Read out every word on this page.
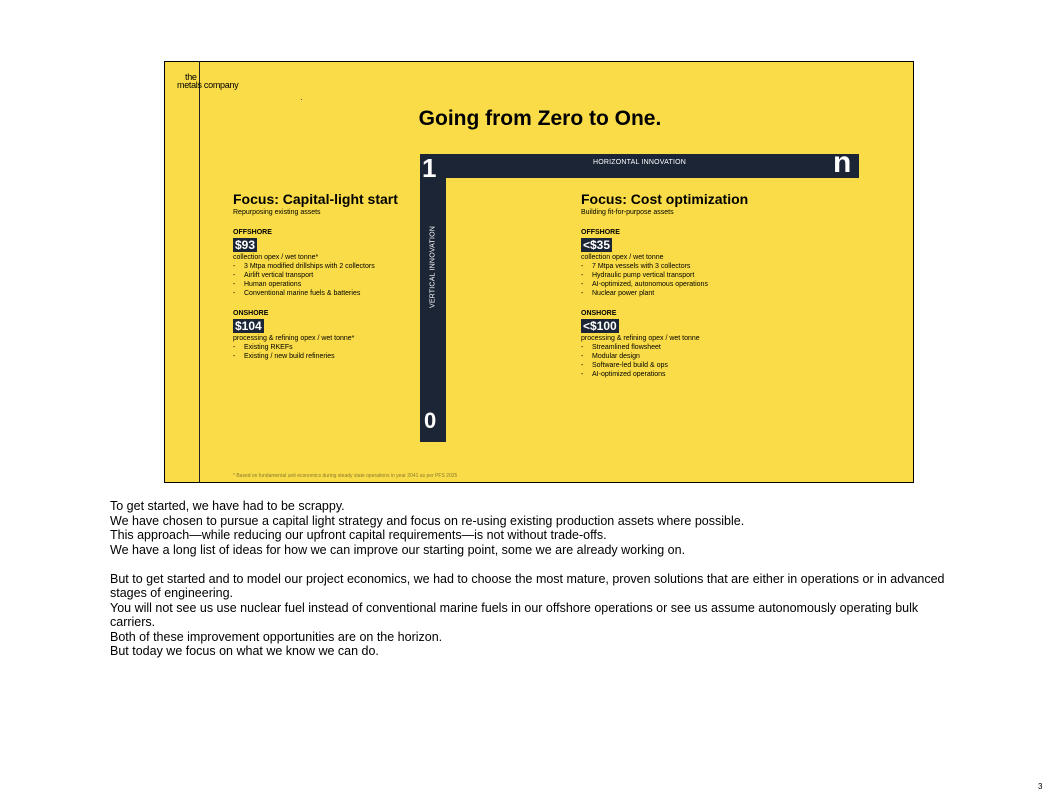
the
metals company
Going from Zero to One.
1	n
0
HORIZONTAL INNOVATION
VERTICAL INNOVATION
Focus: Capital-light start
Repurposing existing assets
OFFSHORE
$93
collection opex / wet tonne*
- 3 Mtpa modified drillships with 2 collectors
- Airlift vertical transport
- Human operations
- Conventional marine fuels & batteries
ONSHORE
$104
processing & refining opex / wet tonne*
- Existing RKEFs
- Existing / new build refineries
Focus: Cost optimization
Building fit-for-purpose assets
OFFSHORE
<$35
collection opex / wet tonne
- 7 Mtpa vessels with 3 collectors
- Hydraulic pump vertical transport
- AI-optimized, autonomous operations
- Nuclear power plant
ONSHORE
<$100
processing & refining opex / wet tonne
- Streamlined flowsheet
- Modular design
- Software-led build & ops
- AI-optimized operations
* Based on fundamental unit economics during steady state operations in year 2041 as per PFS 2025

To get started, we have had to be scrappy.

We have chosen to pursue a capital light strategy and focus on re-using existing production assets where possible.

This approach—while reducing our upfront capital requirements—is not without trade-offs.

We have a long list of ideas for how we can improve our starting point, some we are already working on.

But to get started and to model our project economics, we had to choose the most mature, proven solutions that are either in operations or in advanced stages of engineering.

You will not see us use nuclear fuel instead of conventional marine fuels in our offshore operations or see us assume autonomously operating bulk carriers.

Both of these improvement opportunities are on the horizon.

But today we focus on what we know we can do.

3
